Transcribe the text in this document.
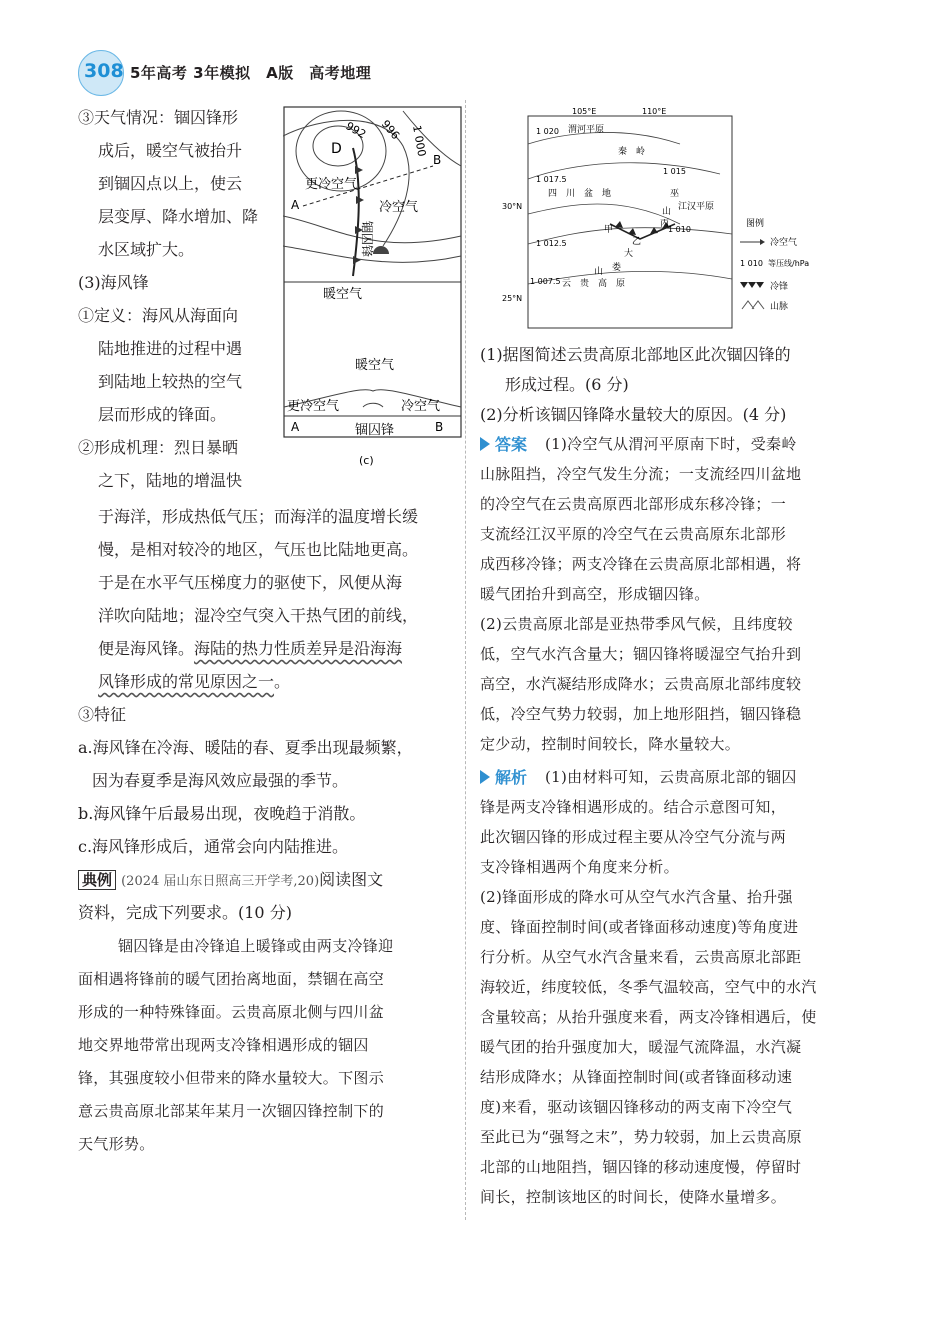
308 5年高考 3年模拟　A版　高考地理
③天气情况：锢囚锋形
成后，暖空气被抬升
到锢囚点以上，使云
层变厚、降水增加、降
水区域扩大。
(3)海风锋
①定义：海风从海面向
陆地推进的过程中遇
到陆地上较热的空气
层而形成的锋面。
②形成机理：烈日暴晒
之下，陆地的增温快
于海洋，形成热低气压；而海洋的温度增长缓
慢，是相对较冷的地区，气压也比陆地更高。
于是在水平气压梯度力的驱使下，风便从海
洋吹向陆地；湿冷空气突入干热气团的前线，
便是海风锋。海陆的热力性质差异是沿海海
风锋形成的常见原因之一。
③特征
a.海风锋在冷海、暖陆的春、夏季出现最频繁，
因为春夏季是海风效应最强的季节。
b.海风锋午后最易出现，夜晚趋于消散。
c.海风锋形成后，通常会向内陆推进。
典例 (2024 届山东日照高三开学考,20)阅读图文
资料，完成下列要求。(10 分)
锢囚锋是由冷锋追上暖锋或由两支冷锋迎
面相遇将锋前的暖气团抬离地面，禁锢在高空
形成的一种特殊锋面。云贵高原北侧与四川盆
地交界地带常出现两支冷锋相遇形成的锢囚
锋，其强度较小但带来的降水量较大。下图示
意云贵高原北部某年某月一次锢囚锋控制下的
天气形势。
992 996 1 000
D
更冷空气
冷空气
锢囚锋
暖空气
A
B
暖空气
更冷空气	冷空气
锢囚锋
A	B
(c)
105°E	110°E
30°N
25°N
渭河平原
秦　岭
四　川　盆　地	巫
山 江汉平原
丙
甲
乙
大
娄
山
云　贵　高　原
1 020
1 017.5
1 015
1 012.5
1 010
1 007.5
图例
冷空气
1 010 等压线/hPa
冷锋
山脉
(1)据图简述云贵高原北部地区此次锢囚锋的
形成过程。(6 分)
(2)分析该锢囚锋降水量较大的原因。(4 分)
答案 (1)冷空气从渭河平原南下时，受秦岭
山脉阻挡，冷空气发生分流；一支流经四川盆地
的冷空气在云贵高原西北部形成东移冷锋；一
支流经江汉平原的冷空气在云贵高原东北部形
成西移冷锋；两支冷锋在云贵高原北部相遇，将
暖气团抬升到高空，形成锢囚锋。
(2)云贵高原北部是亚热带季风气候，且纬度较
低，空气水汽含量大；锢囚锋将暖湿空气抬升到
高空，水汽凝结形成降水；云贵高原北部纬度较
低，冷空气势力较弱，加上地形阻挡，锢囚锋稳
定少动，控制时间较长，降水量较大。
解析 (1)由材料可知，云贵高原北部的锢囚
锋是两支冷锋相遇形成的。结合示意图可知，
此次锢囚锋的形成过程主要从冷空气分流与两
支冷锋相遇两个角度来分析。
(2)锋面形成的降水可从空气水汽含量、抬升强
度、锋面控制时间(或者锋面移动速度)等角度进
行分析。从空气水汽含量来看，云贵高原北部距
海较近，纬度较低，冬季气温较高，空气中的水汽
含量较高；从抬升强度来看，两支冷锋相遇后，使
暖气团的抬升强度加大，暖湿气流降温，水汽凝
结形成降水；从锋面控制时间(或者锋面移动速
度)来看，驱动该锢囚锋移动的两支南下冷空气
至此已为“强弩之末”，势力较弱，加上云贵高原
北部的山地阻挡，锢囚锋的移动速度慢，停留时
间长，控制该地区的时间长，使降水量增多。
